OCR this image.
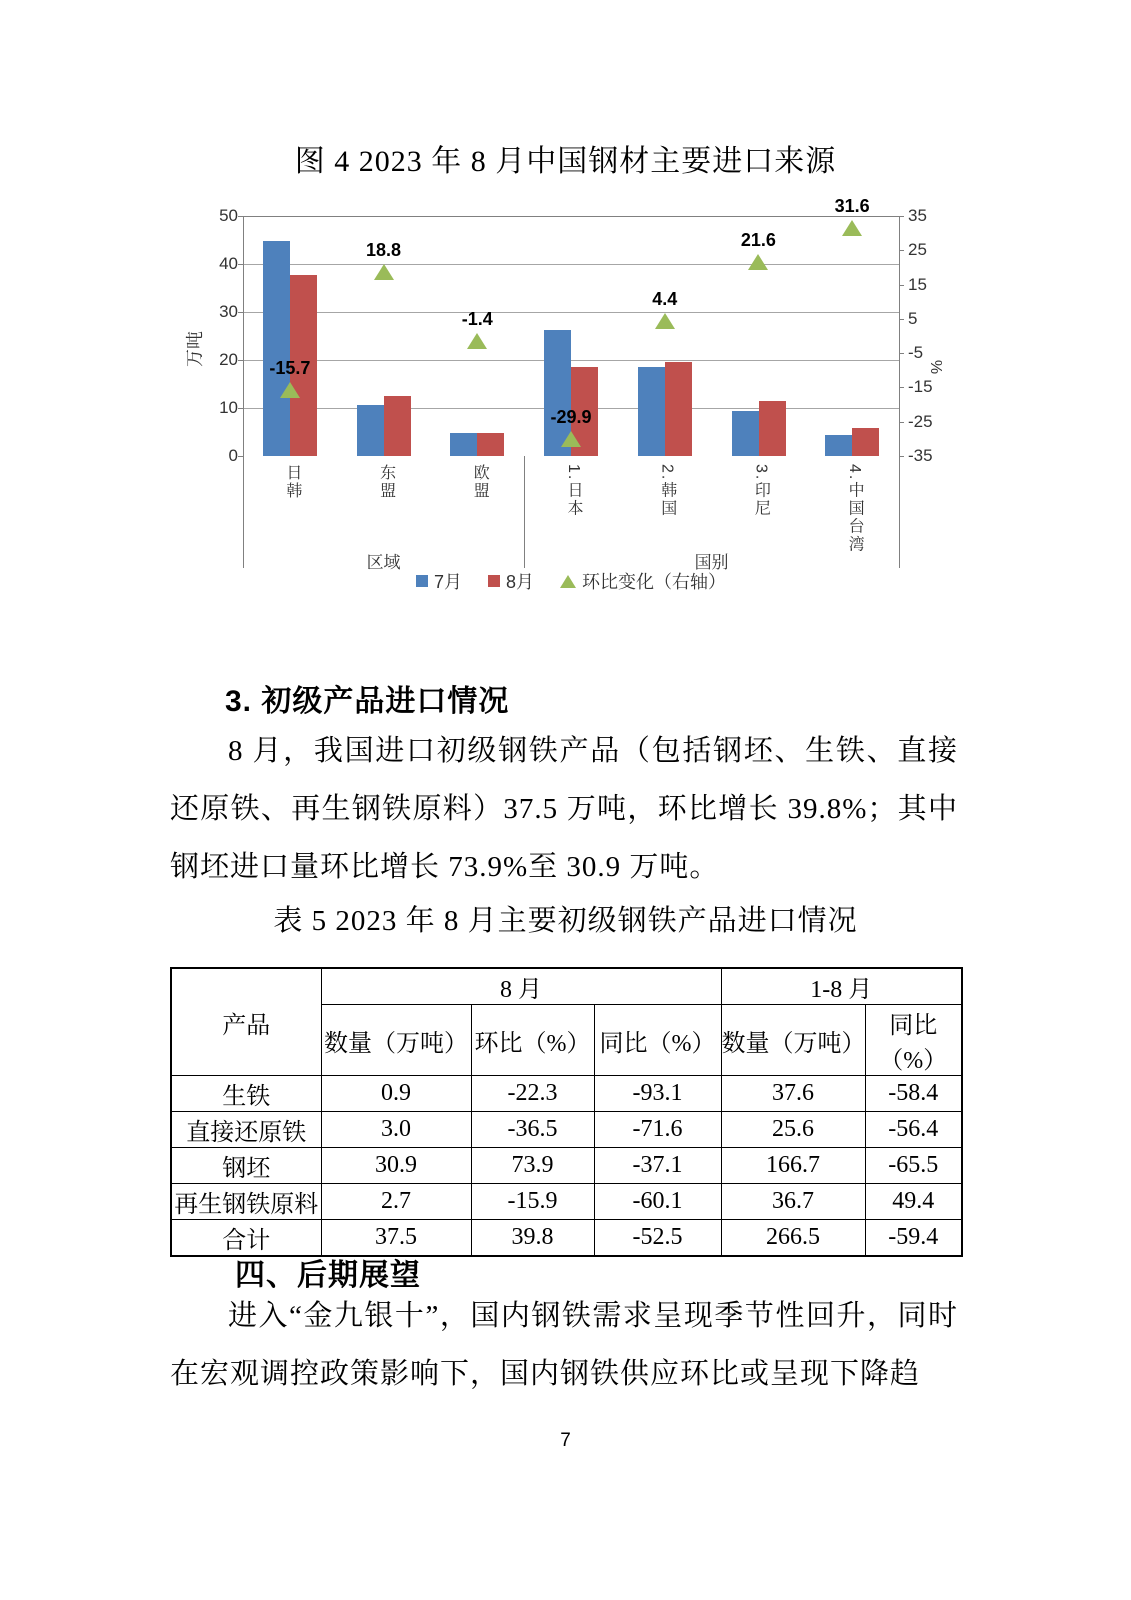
图 4 2023 年 8 月中国钢材主要进口来源
50
40
30
20
10
0
35
25
15
5
-5
-15
-25
-35
万吨	%
-15.7
18.8
-1.4
-29.9
4.4
21.6
31.6
日韩	东盟	欧盟	1.日本	2.韩国	3.印尼	4.中国台湾
区域	国别
7月 8月	环比变化（右轴）
3. 初级产品进口情况

8 月，我国进口初级钢铁产品（包括钢坯、生铁、直接还原铁、再生钢铁原料）37.5 万吨，环比增长 39.8%；其中钢坯进口量环比增长 73.9%至 30.9 万吨。

表 5 2023 年 8 月主要初级钢铁产品进口情况
产品	8 月			1-8 月	
	数量（万吨）	环比（%）	同比（%）	数量（万吨）	同比（%）
生铁	0.9	-22.3	-93.1	37.6	-58.4
直接还原铁	3.0	-36.5	-71.6	25.6	-56.4
钢坯	30.9	73.9	-37.1	166.7	-65.5
再生钢铁原料	2.7	-15.9	-60.1	36.7	49.4
合计	37.5	39.8	-52.5	266.5	-59.4
四、后期展望

进入“金九银十”，国内钢铁需求呈现季节性回升，同时在宏观调控政策影响下，国内钢铁供应环比或呈现下降趋

7
